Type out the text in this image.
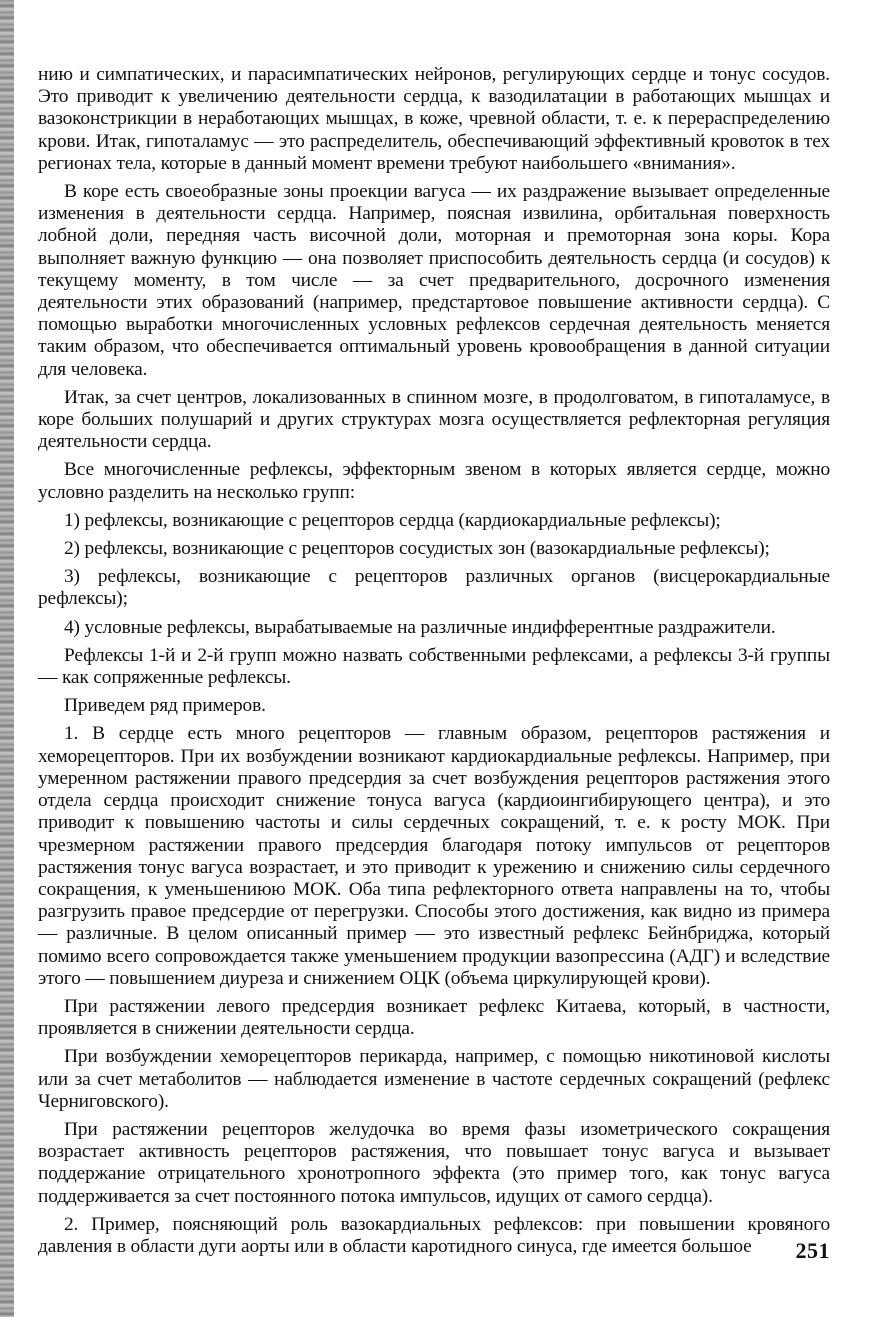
нию и симпатических, и парасимпатических нейронов, регулирующих сердце и тонус сосудов. Это приводит к увеличению деятельности сердца, к вазодилатации в работающих мышцах и вазоконстрикции в неработающих мышцах, в коже, чревной области, т. е. к перераспределению крови. Итак, гипоталамус — это распределитель, обеспечивающий эффективный кровоток в тех регионах тела, которые в данный момент времени требуют наибольшего «внимания».

В коре есть своеобразные зоны проекции вагуса — их раздражение вызывает определенные изменения в деятельности сердца. Например, поясная извилина, орбитальная поверхность лобной доли, передняя часть височной доли, моторная и премоторная зона коры. Кора выполняет важную функцию — она позволяет приспособить деятельность сердца (и сосудов) к текущему моменту, в том числе — за счет предварительного, досрочного изменения деятельности этих образований (например, предстартовое повышение активности сердца). С помощью выработки многочисленных условных рефлексов сердечная деятельность меняется таким образом, что обеспечивается оптимальный уровень кровообращения в данной ситуации для человека.

Итак, за счет центров, локализованных в спинном мозге, в продолговатом, в гипоталамусе, в коре больших полушарий и других структурах мозга осуществляется рефлекторная регуляция деятельности сердца.

Все многочисленные рефлексы, эффекторным звеном в которых является сердце, можно условно разделить на несколько групп:

1) рефлексы, возникающие с рецепторов сердца (кардиокардиальные рефлексы);

2) рефлексы, возникающие с рецепторов сосудистых зон (вазокардиальные рефлексы);

3) рефлексы, возникающие с рецепторов различных органов (висцерокардиальные рефлексы);

4) условные рефлексы, вырабатываемые на различные индифферентные раздражители.

Рефлексы 1-й и 2-й групп можно назвать собственными рефлексами, а рефлексы 3-й группы — как сопряженные рефлексы.

Приведем ряд примеров.

1. В сердце есть много рецепторов — главным образом, рецепторов растяжения и хеморецепторов. При их возбуждении возникают кардиокардиальные рефлексы. Например, при умеренном растяжении правого предсердия за счет возбуждения рецепторов растяжения этого отдела сердца происходит снижение тонуса вагуса (кардиоингибирующего центра), и это приводит к повышению частоты и силы сердечных сокращений, т. е. к росту МОК. При чрезмерном растяжении правого предсердия благодаря потоку импульсов от рецепторов растяжения тонус вагуса возрастает, и это приводит к урежению и снижению силы сердечного сокращения, к уменьшениюю МОК. Оба типа рефлекторного ответа направлены на то, чтобы разгрузить правое предсердие от перегрузки. Способы этого достижения, как видно из примера — различные. В целом описанный пример — это известный рефлекс Бейнбриджа, который помимо всего сопровождается также уменьшением продукции вазопрессина (АДГ) и вследствие этого — повышением диуреза и снижением ОЦК (объема циркулирующей крови).

При растяжении левого предсердия возникает рефлекс Китаева, который, в частности, проявляется в снижении деятельности сердца.

При возбуждении хеморецепторов перикарда, например, с помощью никотиновой кислоты или за счет метаболитов — наблюдается изменение в частоте сердечных сокращений (рефлекс Черниговского).

При растяжении рецепторов желудочка во время фазы изометрического сокращения возрастает активность рецепторов растяжения, что повышает тонус вагуса и вызывает поддержание отрицательного хронотропного эффекта (это пример того, как тонус вагуса поддерживается за счет постоянного потока импульсов, идущих от самого сердца).

2. Пример, поясняющий роль вазокардиальных рефлексов: при повышении кровяного давления в области дуги аорты или в области каротидного синуса, где имеется большое	251
